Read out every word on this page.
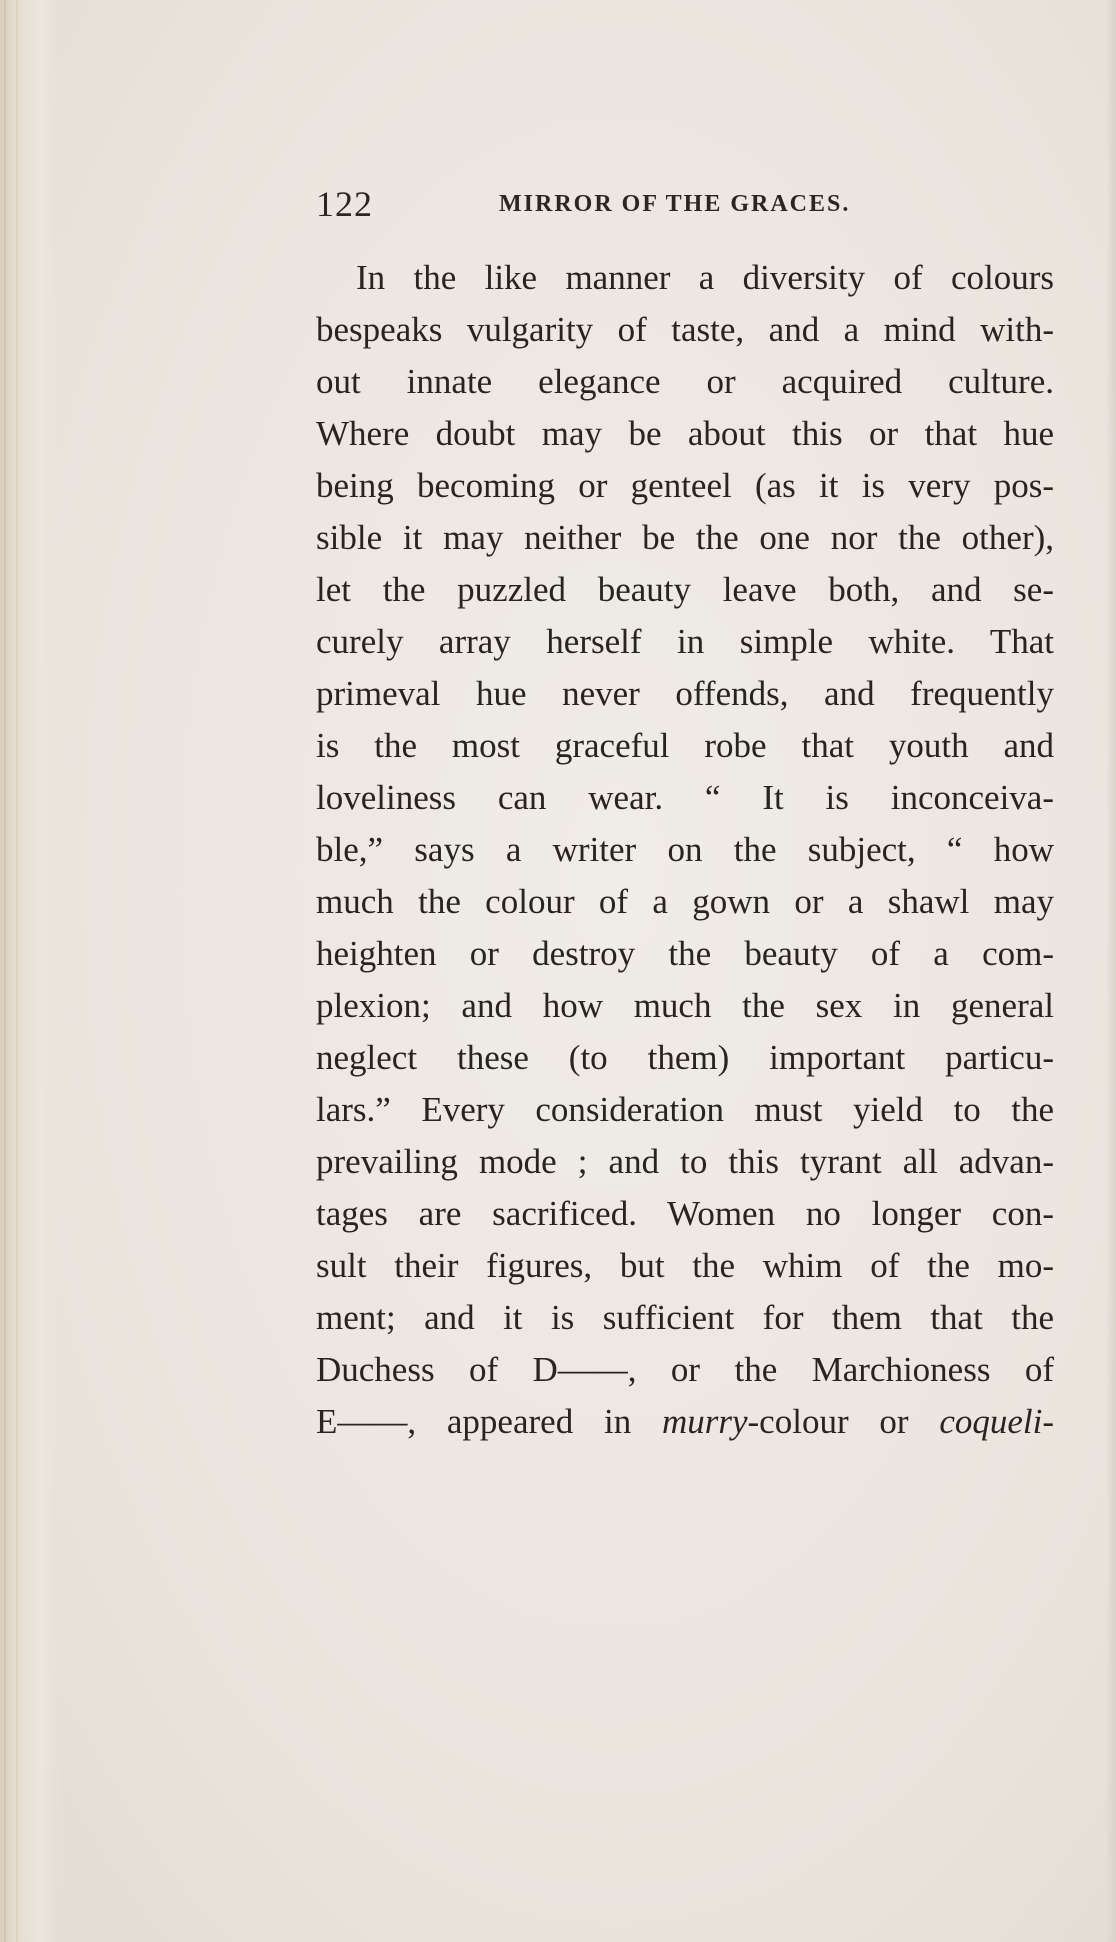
122	MIRROR OF THE GRACES.
In the like manner a diversity of colours
bespeaks vulgarity of taste, and a mind with-
out innate elegance or acquired culture.
Where doubt may be about this or that hue
being becoming or genteel (as it is very pos-
sible it may neither be the one nor the other),
let the puzzled beauty leave both, and se-
curely array herself in simple white. That
primeval hue never offends, and frequently
is the most graceful robe that youth and
loveliness can wear. “ It is inconceiva-
ble,” says a writer on the subject, “ how
much the colour of a gown or a shawl may
heighten or destroy the beauty of a com-
plexion; and how much the sex in general
neglect these (to them) important particu-
lars.” Every consideration must yield to the
prevailing mode ; and to this tyrant all advan-
tages are sacrificed. Women no longer con-
sult their figures, but the whim of the mo-
ment; and it is sufficient for them that the
Duchess of D——, or the Marchioness of
E——, appeared in murry-colour or coqueli-
